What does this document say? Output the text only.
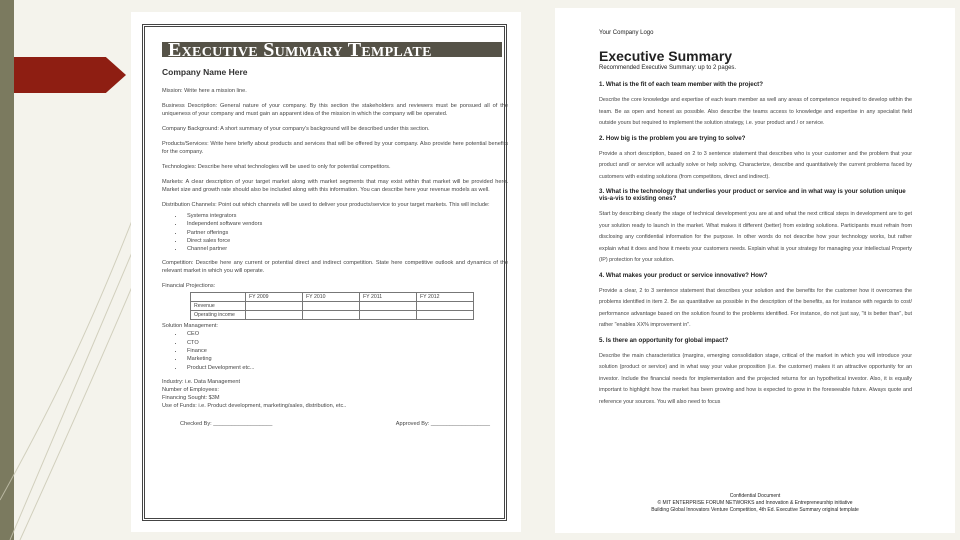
Executive Summary Template
Company Name Here

Mission: Write here a mission line.

Business Description: General nature of your company. By this section the stakeholders and reviewers must be ponsued all of the uniqueness of your company and must gain an apparent idea of the mission in which the company will be operated.

Company Background: A short summary of your company's background will be described under this section.

Products/Services: Write here briefly about products and services that will be offered by your company. Also provide here potential benefits for the company.

Technologies: Describe here what technologies will be used to only for potential competitors.

Markets: A clear description of your target market along with market segments that may exist within that market will be provided here. Market size and growth rate should also be included along with this information. You can describe here your revenue models as well.

Distribution Channels: Point out which channels will be used to deliver your products/service to your target markets. This will include:

• Systems integrators
• Independent software vendors
• Partner offerings
• Direct sales force
• Channel partner

Competition: Describe here any current or potential direct and indirect competition. State here competitive outlook and dynamics of the relevant market in which you will operate.

Financial Projections:
	FY 2009	FY 2010	FY 2011	FY 2012
Revenue				
Operating income				
Solution Management:
• CEO
• CTO
• Finance
• Marketing
• Product Development etc...
Industry: i.e. Data Management
Number of Employees:
Financing Sought: $3M
Use of Funds: i.e. Product development, marketing/sales, distribution, etc..
Checked By: ___________________	Approved By: ___________________
Your Company Logo
Executive Summary
Recommended Executive Summary: up to 2 pages.
1. What is the fit of each team member with the project?
Describe the core knowledge and expertise of each team member as well any areas of competence required to develop within the team. Be as open and honest as possible. Also describe the teams access to knowledge and expertise in any specialist field outside yours but required to implement the solution strategy, i.e. your product and / or service.
2. How big is the problem you are trying to solve?
Provide a short description, based on 2 to 3 sentence statement that describes who is your customer and the problem that your product and/ or service will actually solve or help solving. Characterize, describe and quantitatively the current problems faced by customers with existing solutions (from competitors, direct and indirect).
3. What is the technology that underlies your product or service and in what way is your solution unique vis-a-vis to existing ones?
Start by describing clearly the stage of technical development you are at and what the next critical steps in development are to get your solution ready to launch in the market. What makes it different (better) from existing solutions. Participants must refrain from disclosing any confidential information for the purpose. In other words do not describe how your technology works, but rather explain what it does and how it meets your customers needs. Explain what is your strategy for managing your intellectual Property (IP) protection for your solution.
4. What makes your product or service innovative? How?
Provide a clear, 2 to 3 sentence statement that describes your solution and the benefits for the customer how it overcomes the problems identified in item 2. Be as quantitative as possible in the description of the benefits, as for instance with regards to cost/ performance advantage based on the solution found to the problems identified. For instance, do not just say, "it is better than", but rather "enables XX% improvement in".
5. Is there an opportunity for global impact?
Describe the main characteristics (margins, emerging consolidation stage, critical of the market in which you will introduce your solution (product or service) and in what way your value proposition (i.e. the customer) makes it an attractive opportunity for an investor. Include the financial needs for implementation and the projected returns for an hypothetical investor. Also, it is equally important to highlight how the market has been growing and how is expected to grow in the foreseeable future. Always quote and reference your sources. You will also need to focus
Confidential Document
© MIT ENTERPRISE FORUM NETWORKS and Innovation & Entrepreneurship initiative
Building Global Innovators Venture Competition, 4th Ed. Executive Summary original template
